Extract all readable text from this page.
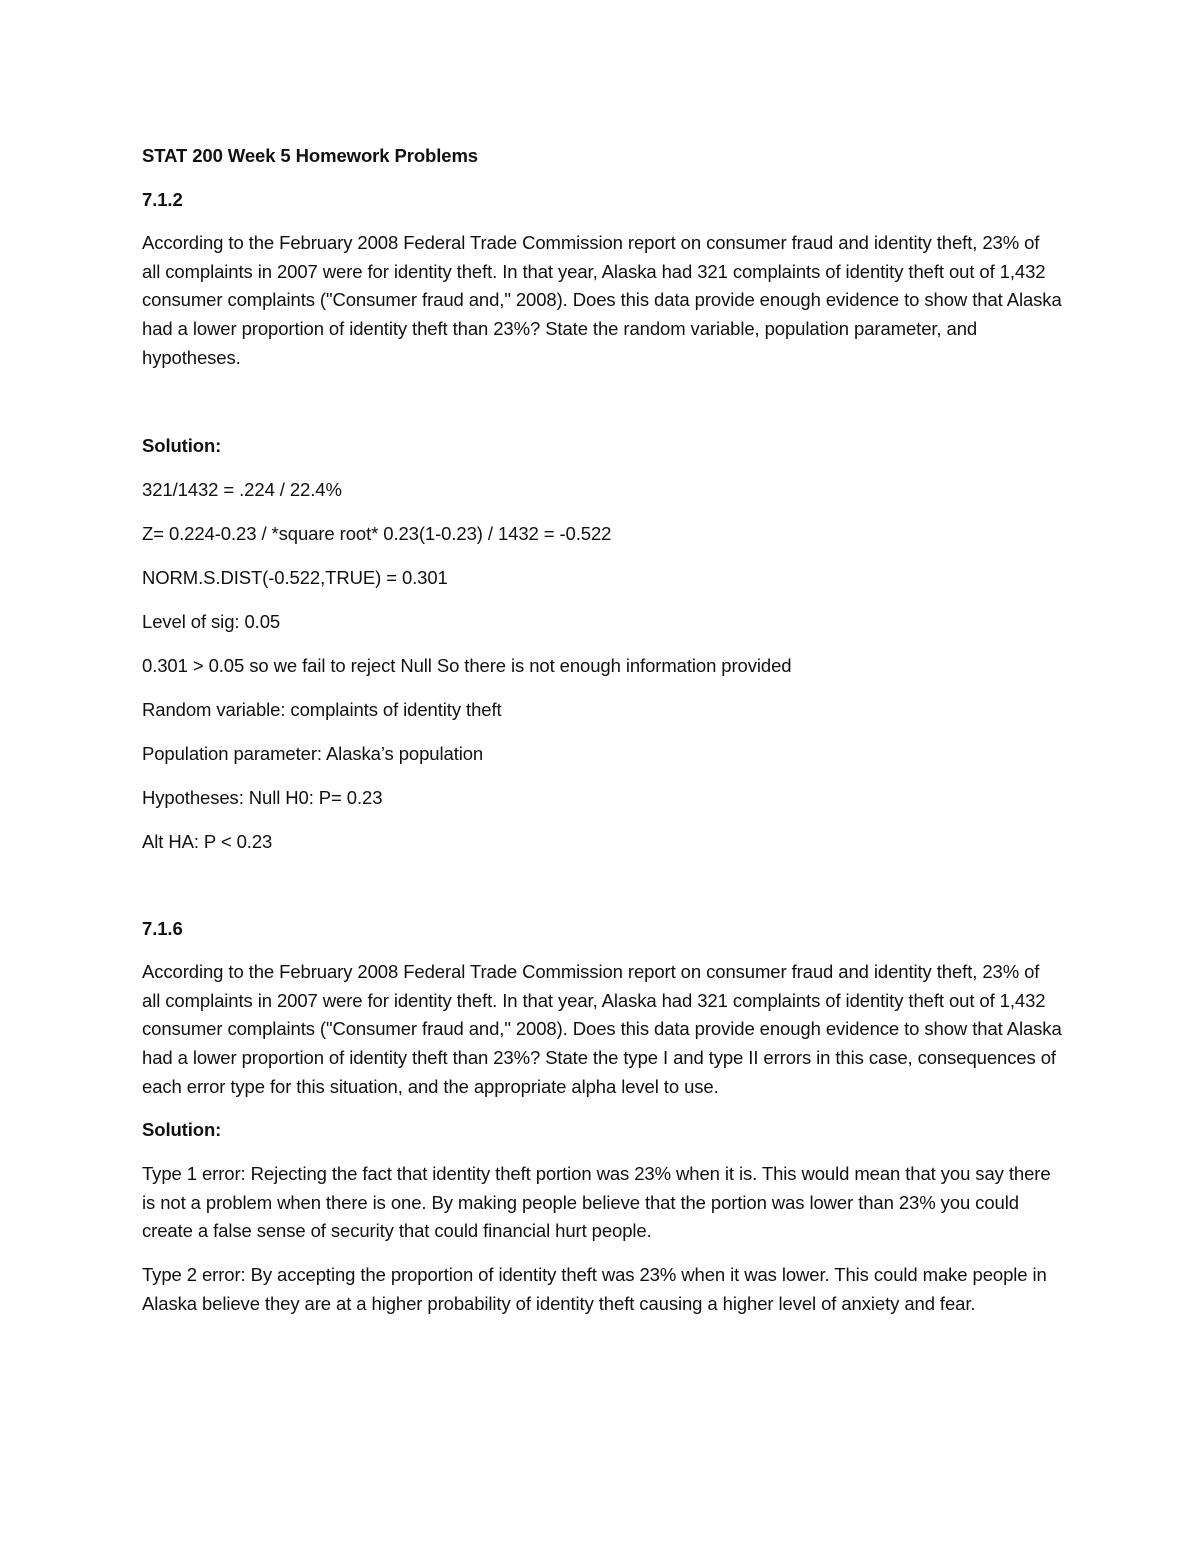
STAT 200 Week 5 Homework Problems

7.1.2

According to the February 2008 Federal Trade Commission report on consumer fraud and identity theft, 23% of all complaints in 2007 were for identity theft. In that year, Alaska had 321 complaints of identity theft out of 1,432 consumer complaints ("Consumer fraud and," 2008). Does this data provide enough evidence to show that Alaska had a lower proportion of identity theft than 23%? State the random variable, population parameter, and hypotheses.

Solution:

321/1432 = .224 / 22.4%

Z= 0.224-0.23 / *square root* 0.23(1-0.23) / 1432 = -0.522

NORM.S.DIST(-0.522,TRUE) = 0.301

Level of sig: 0.05

0.301 > 0.05 so we fail to reject Null So there is not enough information provided

Random variable: complaints of identity theft

Population parameter: Alaska’s population

Hypotheses: Null H0: P= 0.23

Alt HA: P < 0.23

7.1.6

According to the February 2008 Federal Trade Commission report on consumer fraud and identity theft, 23% of all complaints in 2007 were for identity theft. In that year, Alaska had 321 complaints of identity theft out of 1,432 consumer complaints ("Consumer fraud and," 2008). Does this data provide enough evidence to show that Alaska had a lower proportion of identity theft than 23%? State the type I and type II errors in this case, consequences of each error type for this situation, and the appropriate alpha level to use.

Solution:

Type 1 error: Rejecting the fact that identity theft portion was 23% when it is. This would mean that you say there is not a problem when there is one. By making people believe that the portion was lower than 23% you could create a false sense of security that could financial hurt people.

Type 2 error: By accepting the proportion of identity theft was 23% when it was lower. This could make people in Alaska believe they are at a higher probability of identity theft causing a higher level of anxiety and fear.
